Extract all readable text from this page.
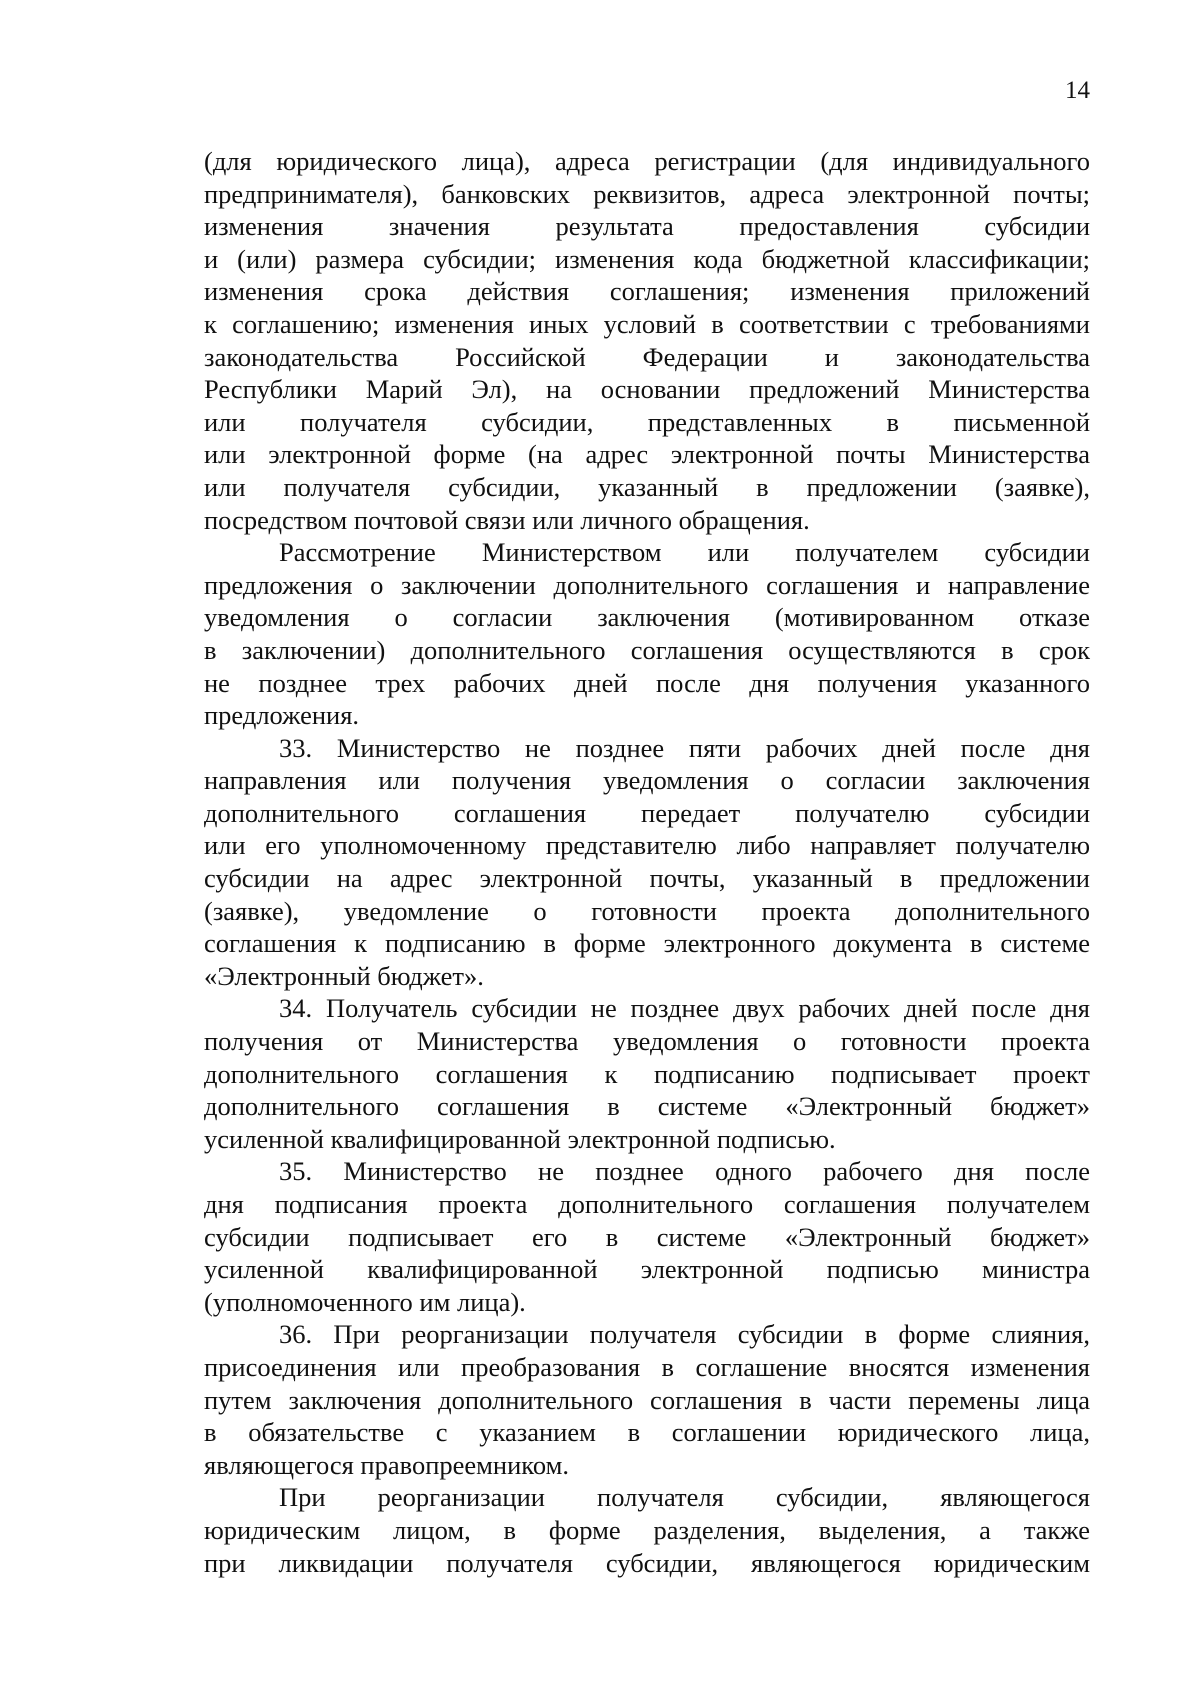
14
(для юридического лица), адреса регистрации (для индивидуального
предпринимателя), банковских реквизитов, адреса электронной почты;
изменения значения результата предоставления субсидии
и (или) размера субсидии; изменения кода бюджетной классификации;
изменения срока действия соглашения; изменения приложений
к соглашению; изменения иных условий в соответствии с требованиями
законодательства Российской Федерации и законодательства
Республики Марий Эл), на основании предложений Министерства
или получателя субсидии, представленных в письменной
или электронной форме (на адрес электронной почты Министерства
или получателя субсидии, указанный в предложении (заявке),
посредством почтовой связи или личного обращения.
Рассмотрение Министерством или получателем субсидии
предложения о заключении дополнительного соглашения и направление
уведомления о согласии заключения (мотивированном отказе
в заключении) дополнительного соглашения осуществляются в срок
не позднее трех рабочих дней после дня получения указанного
предложения.
33. Министерство не позднее пяти рабочих дней после дня
направления или получения уведомления о согласии заключения
дополнительного соглашения передает получателю субсидии
или его уполномоченному представителю либо направляет получателю
субсидии на адрес электронной почты, указанный в предложении
(заявке), уведомление о готовности проекта дополнительного
соглашения к подписанию в форме электронного документа в системе
«Электронный бюджет».
34. Получатель субсидии не позднее двух рабочих дней после дня
получения от Министерства уведомления о готовности проекта
дополнительного соглашения к подписанию подписывает проект
дополнительного соглашения в системе «Электронный бюджет»
усиленной квалифицированной электронной подписью.
35. Министерство не позднее одного рабочего дня после
дня подписания проекта дополнительного соглашения получателем
субсидии подписывает его в системе «Электронный бюджет»
усиленной квалифицированной электронной подписью министра
(уполномоченного им лица).
36. При реорганизации получателя субсидии в форме слияния,
присоединения или преобразования в соглашение вносятся изменения
путем заключения дополнительного соглашения в части перемены лица
в обязательстве с указанием в соглашении юридического лица,
являющегося правопреемником.
При реорганизации получателя субсидии, являющегося
юридическим лицом, в форме разделения, выделения, а также
при ликвидации получателя субсидии, являющегося юридическим
